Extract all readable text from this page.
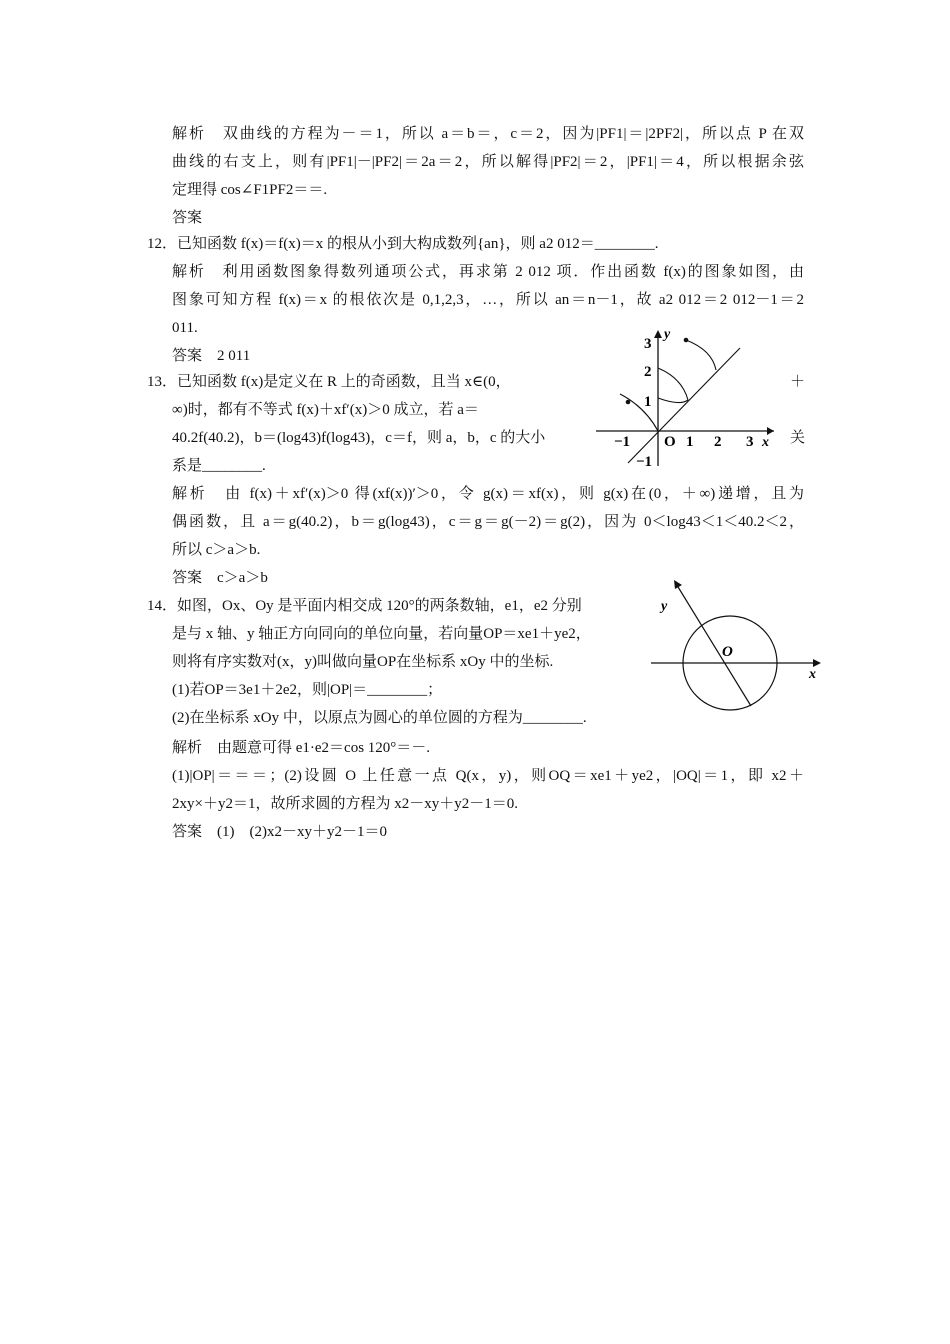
解析　双曲线的方程为－＝1，所以 a＝b＝，c＝2，因为|PF1|＝|2PF2|，所以点 P 在双
曲线的右支上，则有|PF1|－|PF2|＝2a＝2，所以解得|PF2|＝2，|PF1|＝4，所以根据余弦
定理得 cos∠F1PF2＝＝.
答案
12．已知函数 f(x)＝f(x)＝x 的根从小到大构成数列{an}，则 a2 012＝________.
解析　利用函数图象得数列通项公式，再求第 2 012 项．作出函数 f(x)的图象如图，由
图象可知方程 f(x)＝x 的根依次是 0,1,2,3，…，所以 an＝n－1，故 a2 012＝2 012－1＝2
011.
答案　2 011
13．已知函数 f(x)是定义在 R 上的奇函数，且当 x∈(0，
∞)时，都有不等式 f(x)＋xf′(x)＞0 成立，若 a＝
40.2f(40.2)，b＝(log43)f(log43)，c＝f，则 a，b，c 的大小
系是________.
解析　由 f(x)＋xf′(x)＞0 得(xf(x))′＞0，令 g(x)＝xf(x)，则 g(x)在(0，＋∞)递增，且为
偶函数，且 a＝g(40.2)，b＝g(log43)，c＝g＝g(－2)＝g(2)，因为 0＜log43＜1＜40.2＜2，
所以 c＞a＞b.
答案　c＞a＞b
14．如图，Ox、Oy 是平面内相交成 120°的两条数轴，e1，e2 分别
是与 x 轴、y 轴正方向同向的单位向量，若向量OP＝xe1＋ye2，
则将有序实数对(x，y)叫做向量OP在坐标系 xOy 中的坐标.
(1)若OP＝3e1＋2e2，则|OP|＝________；
(2)在坐标系 xOy 中，以原点为圆心的单位圆的方程为________.
解析　由题意可得 e1·e2＝cos 120°＝－.
(1)|OP|＝＝＝；(2)设圆 O 上任意一点 Q(x，y)，则OQ＝xe1＋ye2，|OQ|＝1，即 x2＋
2xy×＋y2＝1，故所求圆的方程为 x2－xy＋y2－1＝0.
答案　(1)　(2)x2－xy＋y2－1＝0
＋
关
y
x
O
−1	1 2 3
3
2
1
−1
y
x
O
